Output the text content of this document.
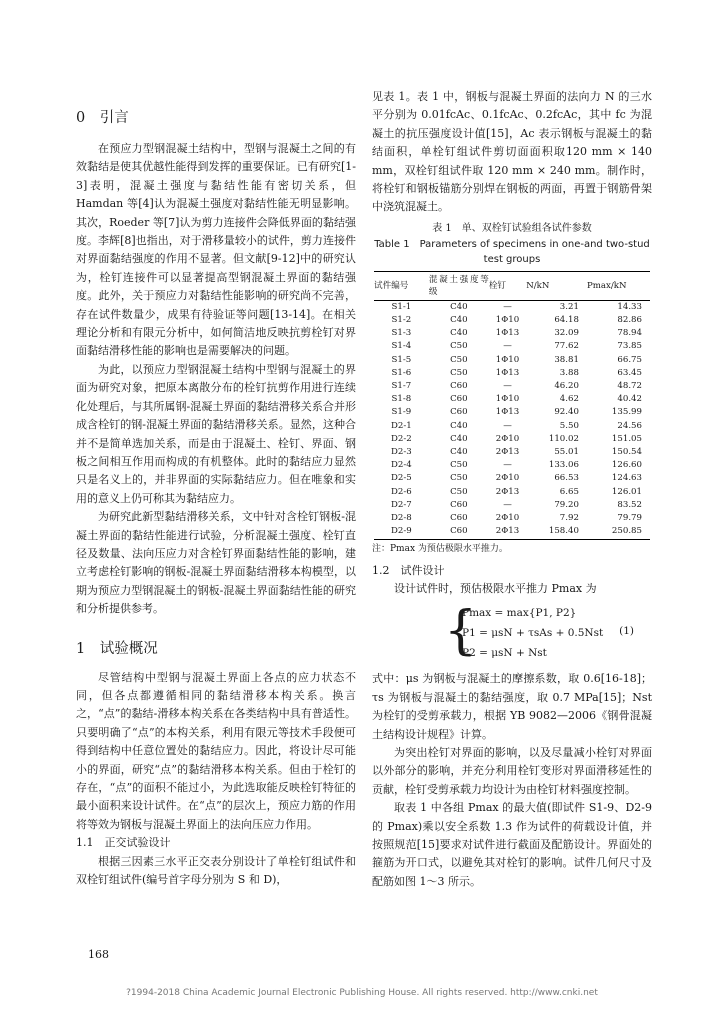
0　引言

在预应力型钢混凝土结构中，型钢与混凝土之间的有效黏结是使其优越性能得到发挥的重要保证。已有研究[1-3]表明，混凝土强度与黏结性能有密切关系，但 Hamdan 等[4]认为混凝土强度对黏结性能无明显影响。其次，Roeder 等[7]认为剪力连接件会降低界面的黏结强度。李辉[8]也指出，对于滑移量较小的试件，剪力连接件对界面黏结强度的作用不显著。但文献[9-12]中的研究认为，栓钉连接件可以显著提高型钢混凝土界面的黏结强度。此外，关于预应力对黏结性能影响的研究尚不完善，存在试件数量少，成果有待验证等问题[13-14]。在相关理论分析和有限元分析中，如何简洁地反映抗剪栓钉对界面黏结滑移性能的影响也是需要解决的问题。

为此，以预应力型钢混凝土结构中型钢与混凝土的界面为研究对象，把原本离散分布的栓钉抗剪作用进行连续化处理后，与其所属钢-混凝土界面的黏结滑移关系合并形成含栓钉的钢-混凝土界面的黏结滑移关系。显然，这种合并不是简单选加关系，而是由于混凝土、栓钉、界面、钢板之间相互作用而构成的有机整体。此时的黏结应力显然只是名义上的，并非界面的实际黏结应力。但在唯象和实用的意义上仍可称其为黏结应力。

为研究此新型黏结滑移关系，文中针对含栓钉钢板-混凝土界面的黏结性能进行试验，分析混凝土强度、栓钉直径及数量、法向压应力对含栓钉界面黏结性能的影响，建立考虑栓钉影响的钢板-混凝土界面黏结滑移本构模型，以期为预应力型钢混凝土的钢板-混凝土界面黏结性能的研究和分析提供参考。

1　试验概况

尽管结构中型钢与混凝土界面上各点的应力状态不同，但各点都遵循相同的黏结滑移本构关系。换言之，“点”的黏结-滑移本构关系在各类结构中具有普适性。只要明确了“点”的本构关系，利用有限元等技术手段便可得到结构中任意位置处的黏结应力。因此，将设计尽可能小的界面，研究“点”的黏结滑移本构关系。但由于栓钉的存在，“点”的面积不能过小，为此选取能反映栓钉特征的最小面积来设计试件。在“点”的层次上，预应力筋的作用将等效为钢板与混凝土界面上的法向压应力作用。

1.1　正交试验设计

根据三因素三水平正交表分别设计了单栓钉组试件和双栓钉组试件(编号首字母分别为 S 和 D)，

见表 1。表 1 中，钢板与混凝土界面的法向力 N 的三水平分别为 0.01fcAc、0.1fcAc、0.2fcAc，其中 fc 为混凝土的抗压强度设计值[15]，Ac 表示钢板与混凝土的黏结面积，单栓钉组试件剪切面面积取120 mm × 140 mm，双栓钉组试件取 120 mm × 240 mm。制作时，将栓钉和钢板锚筋分别焊在钢板的两面，再置于钢筋骨架中浇筑混凝土。

表 1　单、双栓钉试验组各试件参数

Table 1　Parameters of specimens in one-and two-stud test groups

试件编号	混凝土强度等级	栓钉	N/kN	Pmax/kN
S1-1	C40	—	3.21	14.33
S1-2	C40	1Φ10	64.18	82.86
S1-3	C40	1Φ13	32.09	78.94
S1-4	C50	—	77.62	73.85
S1-5	C50	1Φ10	38.81	66.75
S1-6	C50	1Φ13	3.88	63.45
S1-7	C60	—	46.20	48.72
S1-8	C60	1Φ10	4.62	40.42
S1-9	C60	1Φ13	92.40	135.99
D2-1	C40	—	5.50	24.56
D2-2	C40	2Φ10	110.02	151.05
D2-3	C40	2Φ13	55.01	150.54
D2-4	C50	—	133.06	126.60
D2-5	C50	2Φ10	66.53	124.63
D2-6	C50	2Φ13	6.65	126.01
D2-7	C60	—	79.20	83.52
D2-8	C60	2Φ10	7.92	79.79
D2-9	C60	2Φ13	158.40	250.85

注：Pmax 为预估极限水平推力。

1.2　试件设计

设计试件时，预估极限水平推力 Pmax 为

{
Pmax = max{P1, P2}
P1 = μsN + τsAs + 0.5Nst
P2 = μsN + Nst
(1)

式中：μs 为钢板与混凝土的摩擦系数，取 0.6[16-18]；τs 为钢板与混凝土的黏结强度，取 0.7 MPa[15]；Nst 为栓钉的受剪承载力，根据 YB 9082—2006《钢骨混凝土结构设计规程》计算。

为突出栓钉对界面的影响，以及尽量减小栓钉对界面以外部分的影响，并充分利用栓钉变形对界面滑移延性的贡献，栓钉受剪承载力均设计为由栓钉材料强度控制。

取表 1 中各组 Pmax 的最大值(即试件 S1-9、D2-9 的 Pmax)乘以安全系数 1.3 作为试件的荷载设计值，并按照规范[15]要求对试件进行截面及配筋设计。界面处的箍筋为开口式，以避免其对栓钉的影响。试件几何尺寸及配筋如图 1～3 所示。

168
?1994-2018 China Academic Journal Electronic Publishing House. All rights reserved. http://www.cnki.net
